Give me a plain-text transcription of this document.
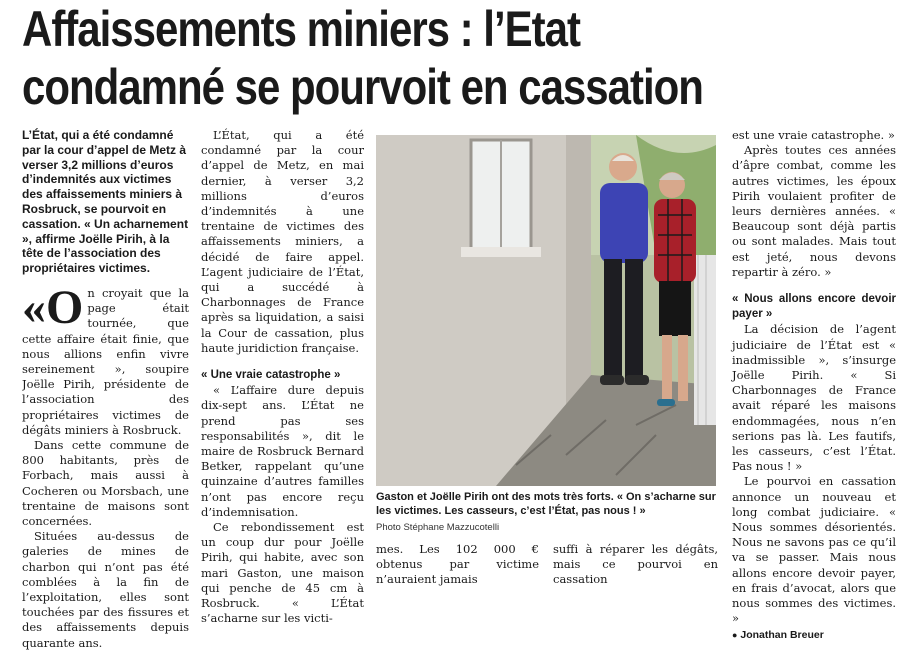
Affaissements miniers : l’Etat
condamné se pourvoit en cassation

L’État, qui a été condamné par la cour d’appel de Metz à verser 3,2 millions d’euros d’indemnités aux victimes des affaissements miniers à Rosbruck, se pourvoit en cassation. « Un acharnement », affirme Joëlle Pirih, à la tête de l’association des propriétaires victimes.

«O n croyait que la page était tournée, que cette affaire était finie, que nous allions enfin vivre sereinement », soupire Joëlle Pirih, présidente de l’association des propriétaires victimes de dégâts miniers à Rosbruck.

Dans cette commune de 800 habitants, près de Forbach, mais aussi à Cocheren ou Morsbach, une trentaine de maisons sont concernées.

Situées au-dessus de galeries de mines de charbon qui n’ont pas été comblées à la fin de l’exploitation, elles sont touchées par des fissures et des affaissements depuis quarante ans.

L’État, qui a été condamné par la cour d’appel de Metz, en mai dernier, à verser 3,2 millions d’euros d’indemnités à une trentaine de victimes des affaissements miniers, a décidé de faire appel. L’agent judiciaire de l’État, qui a succédé à Charbonnages de France après sa liquidation, a saisi la Cour de cassation, plus haute juridiction française.

« Une vraie catastrophe »

« L’affaire dure depuis dix-sept ans. L’État ne prend pas ses responsabilités », dit le maire de Rosbruck Bernard Betker, rappelant qu’une quinzaine d’autres familles n’ont pas encore reçu d’indemnisation.

Ce rebondissement est un coup dur pour Joëlle Pirih, qui habite, avec son mari Gaston, une maison qui penche de 45 cm à Rosbruck. « L’État s’acharne sur les victi-

Gaston et Joëlle Pirih ont des mots très forts. « On s’acharne sur les victimes. Les casseurs, c’est l’État, pas nous ! »
Photo Stéphane Mazzucotelli

mes. Les 102 000 € obtenus par victime n’auraient jamais

suffi à réparer les dégâts, mais ce pourvoi en cassation

est une vraie catastrophe. »

Après toutes ces années d’âpre combat, comme les autres victimes, les époux Pirih voulaient profiter de leurs dernières années. « Beaucoup sont déjà partis ou sont malades. Mais tout est jeté, nous devons repartir à zéro. »

« Nous allons encore devoir payer »

La décision de l’agent judiciaire de l’État est « inadmissible », s’insurge Joëlle Pirih. « Si Charbonnages de France avait réparé les maisons endommagées, nous n’en serions pas là. Les fautifs, les casseurs, c’est l’État. Pas nous ! »

Le pourvoi en cassation annonce un nouveau et long combat judiciaire. « Nous sommes désorientés. Nous ne savons pas ce qu’il va se passer. Mais nous allons encore devoir payer, en frais d’avocat, alors que nous sommes des victimes. »

● Jonathan Breuer
